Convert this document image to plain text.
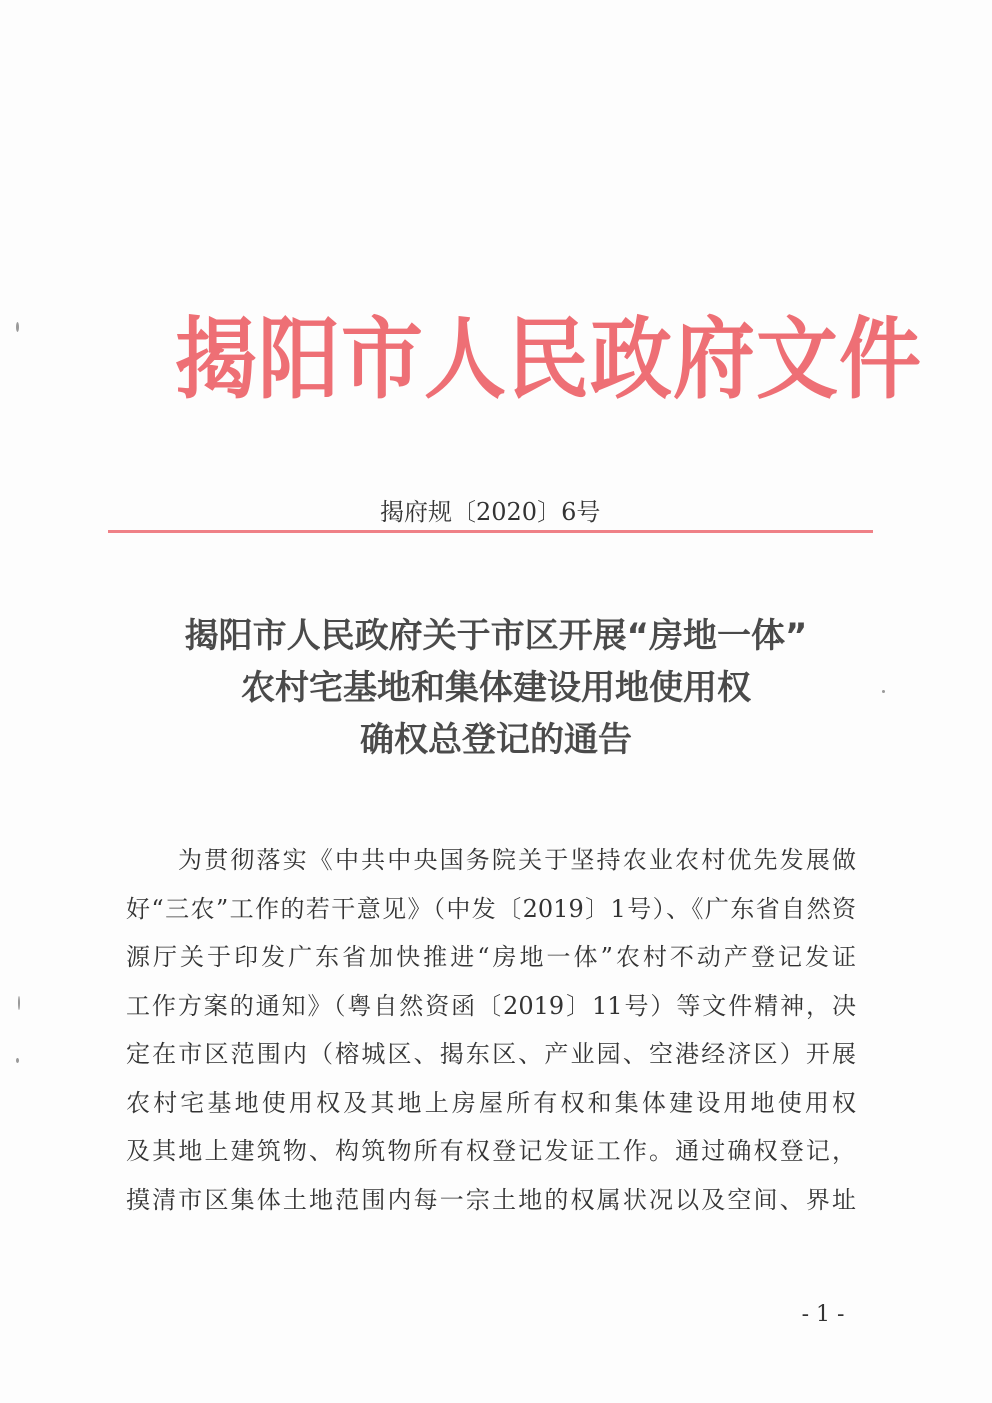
揭阳市人民政府文件
揭府规〔2020〕6号
揭阳市人民政府关于市区开展“房地一体”
农村宅基地和集体建设用地使用权
确权总登记的通告
为贯彻落实《中共中央国务院关于坚持农业农村优先发展做
好“三农”工作的若干意见》（中发〔2019〕1号）、《广东省自然资
源厅关于印发广东省加快推进“房地一体”农村不动产登记发证
工作方案的通知》（粤自然资函〔2019〕11号）等文件精神，决
定在市区范围内（榕城区、揭东区、产业园、空港经济区）开展
农村宅基地使用权及其地上房屋所有权和集体建设用地使用权
及其地上建筑物、构筑物所有权登记发证工作。通过确权登记，
摸清市区集体土地范围内每一宗土地的权属状况以及空间、界址
- 1 -
